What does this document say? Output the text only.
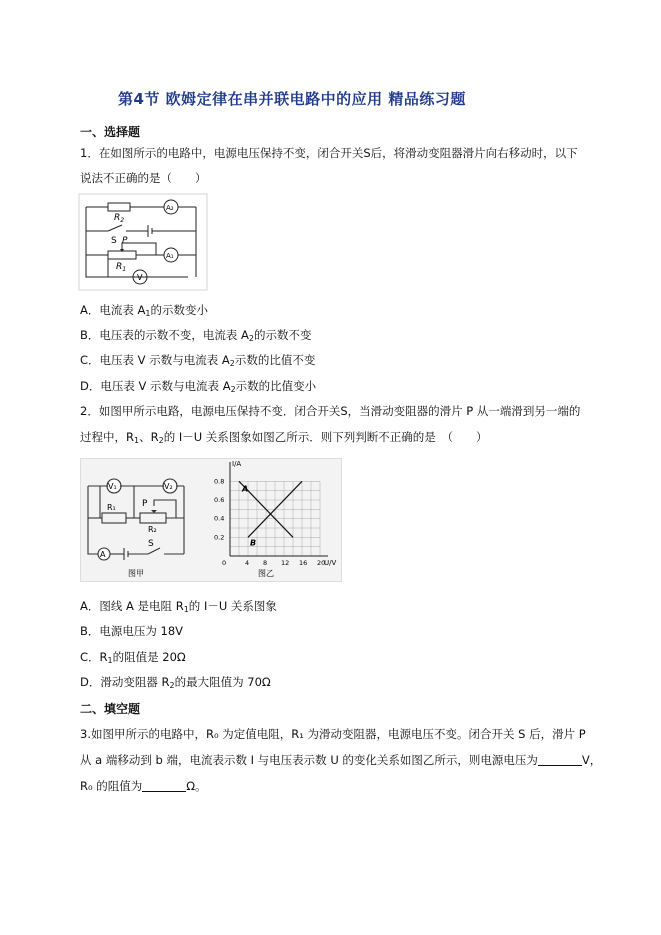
第4节 欧姆定律在串并联电路中的应用 精品练习题
一、选择题
1．在如图所示的电路中，电源电压保持不变，闭合开关S后，将滑动变阻器滑片向右移动时，以下
说法不正确的是（　　）
$R_2$
S P
$R_1$
A₂
A₁
V
A．电流表 $A_1$的示数变小
B．电压表的示数不变，电流表 $A_2$的示数不变
C．电压表 V 示数与电流表 $A_2$示数的比值不变
D．电压表 V 示数与电流表 $A_2$示数的比值变小
2．如图甲所示电路，电源电压保持不变．闭合开关S，当滑动变阻器的滑片 P 从一端滑到另一端的
过程中，$R_1$、$R_2$的 I－U 关系图象如图乙所示．则下列判断不正确的是　（　　）
V₁	V₂
R₁
R₂
P
A
S
图甲
4 8 12 16 20
0.2
0.4
0.6
0.8
0
I/A
U/V
A
B
图乙
A．图线 A 是电阻 $R_1$的 I－U 关系图象
B．电源电压为 18V
C．$R_1$的阻值是 20Ω
D．滑动变阻器 $R_2$的最大阻值为 70Ω
二、填空题
3.如图甲所示的电路中，R₀ 为定值电阻，R₁ 为滑动变阻器，电源电压不变。闭合开关 S 后，滑片 P
从 a 端移动到 b 端，电流表示数 I 与电压表示数 U 的变化关系如图乙所示，则电源电压为	V，
R₀ 的阻值为	Ω。
